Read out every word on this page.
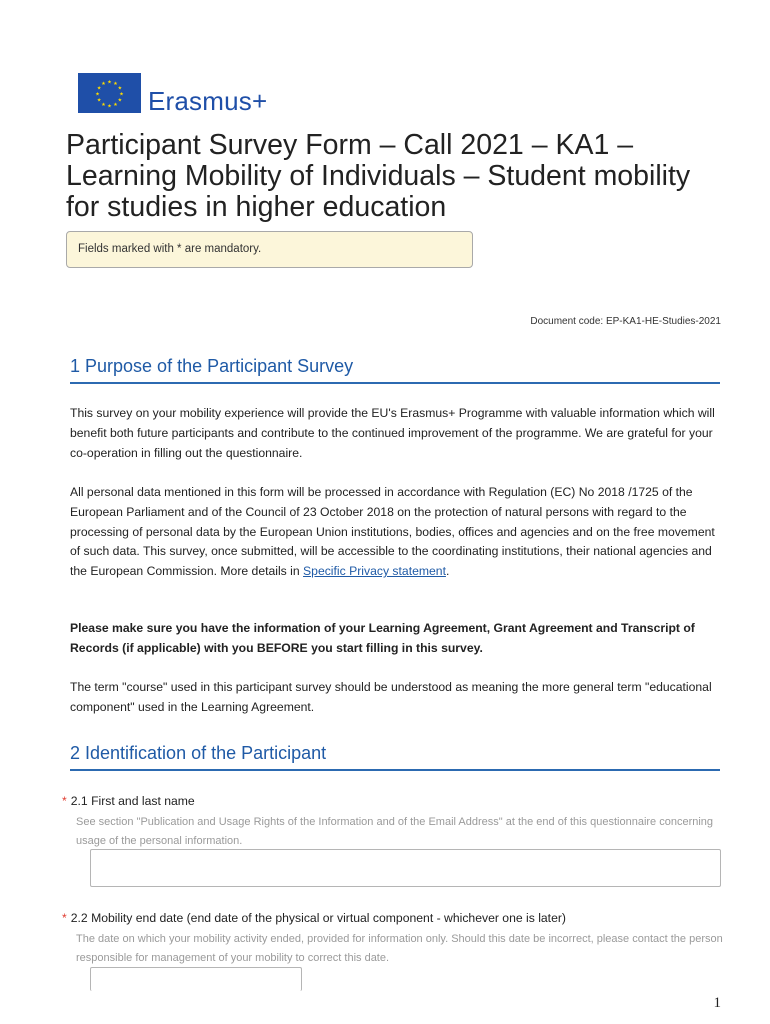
★ ★
★
★
★
★
★
★
★
★
★
★
Erasmus+
Participant Survey Form – Call 2021 – KA1 – Learning Mobility of Individuals – Student mobility for studies in higher education
Fields marked with * are mandatory.
Document code: EP-KA1-HE-Studies-2021
1 Purpose of the Participant Survey

This survey on your mobility experience will provide the EU's Erasmus+ Programme with valuable information which will benefit both future participants and contribute to the continued improvement of the programme. We are grateful for your co-operation in filling out the questionnaire.

All personal data mentioned in this form will be processed in accordance with Regulation (EC) No 2018 /1725 of the European Parliament and of the Council of 23 October 2018 on the protection of natural persons with regard to the processing of personal data by the European Union institutions, bodies, offices and agencies and on the free movement of such data. This survey, once submitted, will be accessible to the coordinating institutions, their national agencies and the European Commission. More details in Specific Privacy statement.

Please make sure you have the information of your Learning Agreement, Grant Agreement and Transcript of Records (if applicable) with you BEFORE you start filling in this survey.

The term "course" used in this participant survey should be understood as meaning the more general term "educational component" used in the Learning Agreement.

2 Identification of the Participant
* 2.1 First and last name

See section "Publication and Usage Rights of the Information and of the Email Address" at the end of this questionnaire concerning usage of the personal information.

* 2.2 Mobility end date (end date of the physical or virtual component - whichever one is later)

The date on which your mobility activity ended, provided for information only. Should this date be incorrect, please contact the person responsible for management of your mobility to correct this date.

1
